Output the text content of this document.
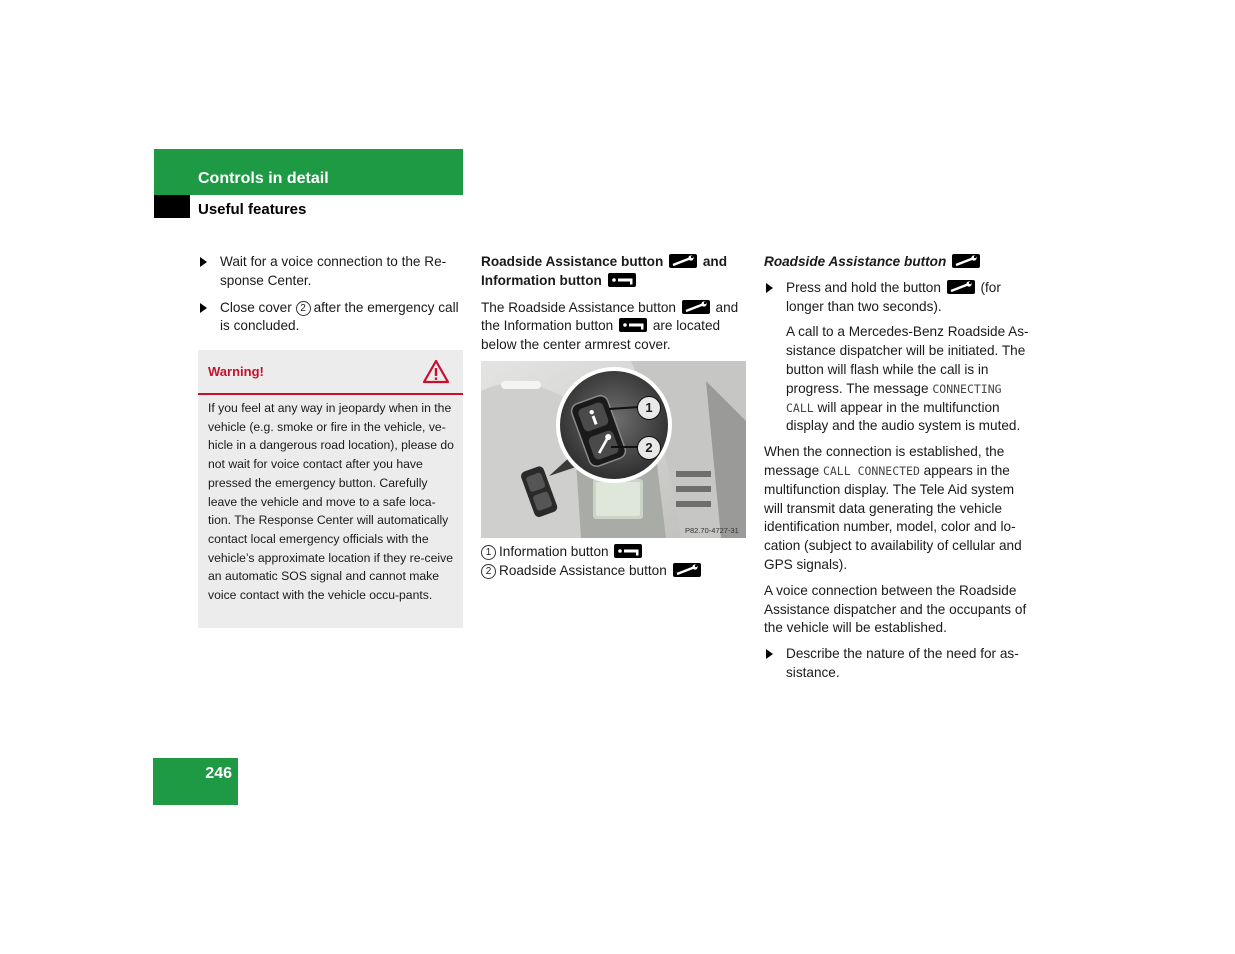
Controls in detail
Useful features

Wait for a voice connection to the Re-sponse Center.

Close cover 2 after the emergency call is concluded.

Warning!
If you feel at any way in jeopardy when in the vehicle (e.g. smoke or fire in the vehicle, ve-hicle in a dangerous road location), please do not wait for voice contact after you have pressed the emergency button. Carefully leave the vehicle and move to a safe loca-tion. The Response Center will automatically contact local emergency officials with the vehicle’s approximate location if they re-ceive an automatic SOS signal and cannot make voice contact with the vehicle occu-pants.

Roadside Assistance button	and Information button

The Roadside Assistance button	and the Information button	are located below the center armrest cover.

1
2
P82.70-4727-31

1 Information button

2 Roadside Assistance button

Roadside Assistance button

Press and hold the button	(for longer than two seconds).

A call to a Mercedes-Benz Roadside As-sistance dispatcher will be initiated. The button will flash while the call is in progress. The message CONNECTING CALL will appear in the multifunction display and the audio system is muted.

When the connection is established, the message CALL CONNECTED appears in the multifunction display. The Tele Aid system will transmit data generating the vehicle identification number, model, color and lo-cation (subject to availability of cellular and GPS signals).

A voice connection between the Roadside Assistance dispatcher and the occupants of the vehicle will be established.

Describe the nature of the need for as-sistance.

246
